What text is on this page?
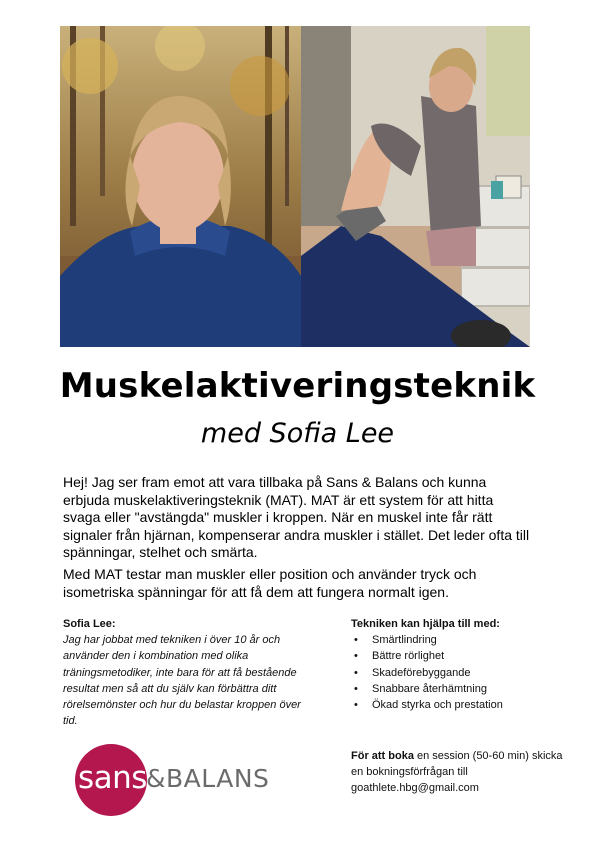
Muskelaktiveringsteknik
med Sofia Lee
Hej! Jag ser fram emot att vara tillbaka på Sans & Balans och kunna erbjuda muskelaktiveringsteknik (MAT). MAT är ett system för att hitta svaga eller "avstängda" muskler i kroppen. När en muskel inte får rätt signaler från hjärnan, kompenserar andra muskler i stället. Det leder ofta till spänningar, stelhet och smärta.
Med MAT testar man muskler eller position och använder tryck och isometriska spänningar för att få dem att fungera normalt igen.
Sofia Lee:
Jag har jobbat med tekniken i över 10 år och använder den i kombination med olika träningsmetodiker, inte bara för att få bestående resultat men så att du själv kan förbättra ditt rörelsemönster och hur du belastar kroppen över tid.
Tekniken kan hjälpa till med:
• Smärtlindring
• Bättre rörlighet
• Skadeförebyggande
• Snabbare återhämtning
• Ökad styrka och prestation
För att boka en session (50-60 min) skicka en bokningsförfrågan till goathlete.hbg@gmail.com
sans &BALANS
